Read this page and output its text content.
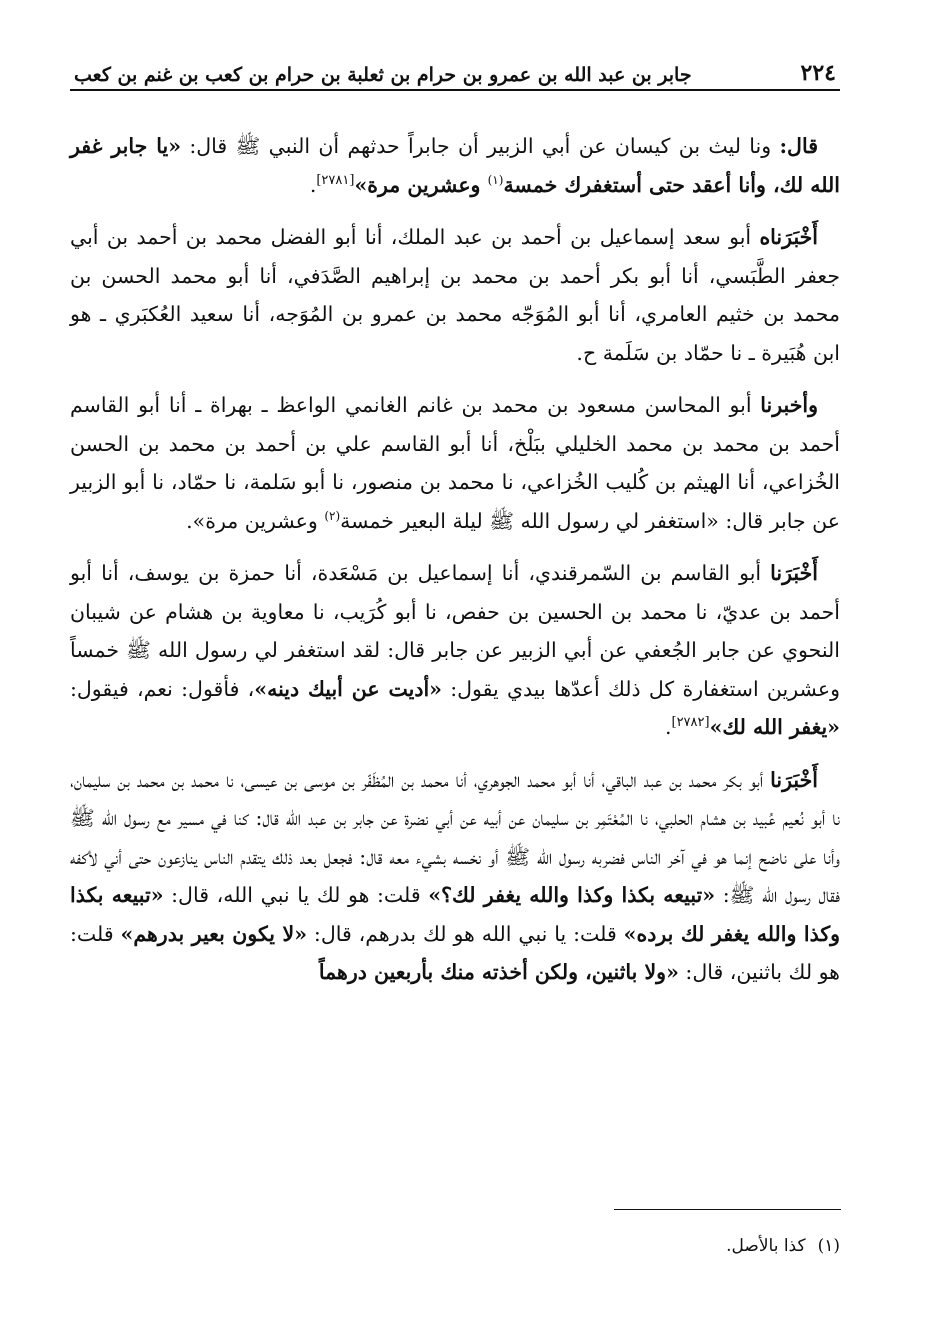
٢٢٤
جابر بن عبد الله بن عمرو بن حرام بن ثعلبة بن حرام بن كعب بن غنم بن كعب

قال: ونا ليث بن كيسان عن أبي الزبير أن جابراً حدثهم أن النبي ﷺ قال: «يا جابر غفر الله لك، وأنا أعقد حتى أستغفرك خمسة$^{(١)}$ وعشرين مرة»[٢٧٨١].

أَخْبَرَناه أبو سعد إسماعيل بن أحمد بن عبد الملك، أنا أبو الفضل محمد بن أحمد بن أبي جعفر الطَّبَسي، أنا أبو بكر أحمد بن محمد بن إبراهيم الصَّدَفي، أنا أبو محمد الحسن بن محمد بن خثيم العامري، أنا أبو المُوَجّه محمد بن عمرو بن المُوَجه، أنا سعيد العُكبَري ـ هو ابن هُبَيرة ـ نا حمّاد بن سَلَمة ح.

وأخبرنا أبو المحاسن مسعود بن محمد بن غانم الغانمي الواعظ ـ بهراة ـ أنا أبو القاسم أحمد بن محمد بن محمد الخليلي ببَلْخ، أنا أبو القاسم علي بن أحمد بن محمد بن الحسن الخُزاعي، أنا الهيثم بن كُليب الخُزاعي، نا محمد بن منصور، نا أبو سَلمة، نا حمّاد، نا أبو الزبير عن جابر قال: «استغفر لي رسول الله ﷺ ليلة البعير خمسة$^{(٢)}$ وعشرين مرة».

أَخْبَرَنا أبو القاسم بن السّمرقندي، أنا إسماعيل بن مَسْعَدة، أنا حمزة بن يوسف، أنا أبو أحمد بن عديّ، نا محمد بن الحسين بن حفص، نا أبو كُرَيب، نا معاوية بن هشام عن شيبان النحوي عن جابر الجُعفي عن أبي الزبير عن جابر قال: لقد استغفر لي رسول الله ﷺ خمساً وعشرين استغفارة كل ذلك أعدّها بيدي يقول: «أديت عن أبيك دينه»، فأقول: نعم، فيقول: «يغفر الله لك»[٢٧٨٢].

أَخْبَرَنا أبو بكر محمد بن عبد الباقي، أنا أبو محمد الجوهري، أنا محمد بن المُظَفّر بن موسى بن عيسى، نا محمد بن محمد بن سليمان، نا أبو نُعيم عُبيد بن هشام الحلبي، نا المُعْتَمِر بن سليمان عن أبيه عن أبي نضرة عن جابر بن عبد الله قال: كنا في مسير مع رسول الله ﷺ وأنا على ناضح إنما هو في آخر الناس فضربه رسول الله ﷺ أو نخسه بشيء معه قال: فجعل بعد ذلك يتقدم الناس ينازعون حتى أني لأكفه فقال رسول الله ﷺ: «تبيعه بكذا وكذا والله يغفر لك؟» قلت: هو لك يا نبي الله، قال: «تبيعه بكذا وكذا والله يغفر لك برده» قلت: يا نبي الله هو لك بدرهم، قال: «لا يكون بعير بدرهم» قلت: هو لك باثنين، قال: «ولا باثنين، ولكن أخذته منك بأربعين درهماً

(١)كذا بالأصل.
